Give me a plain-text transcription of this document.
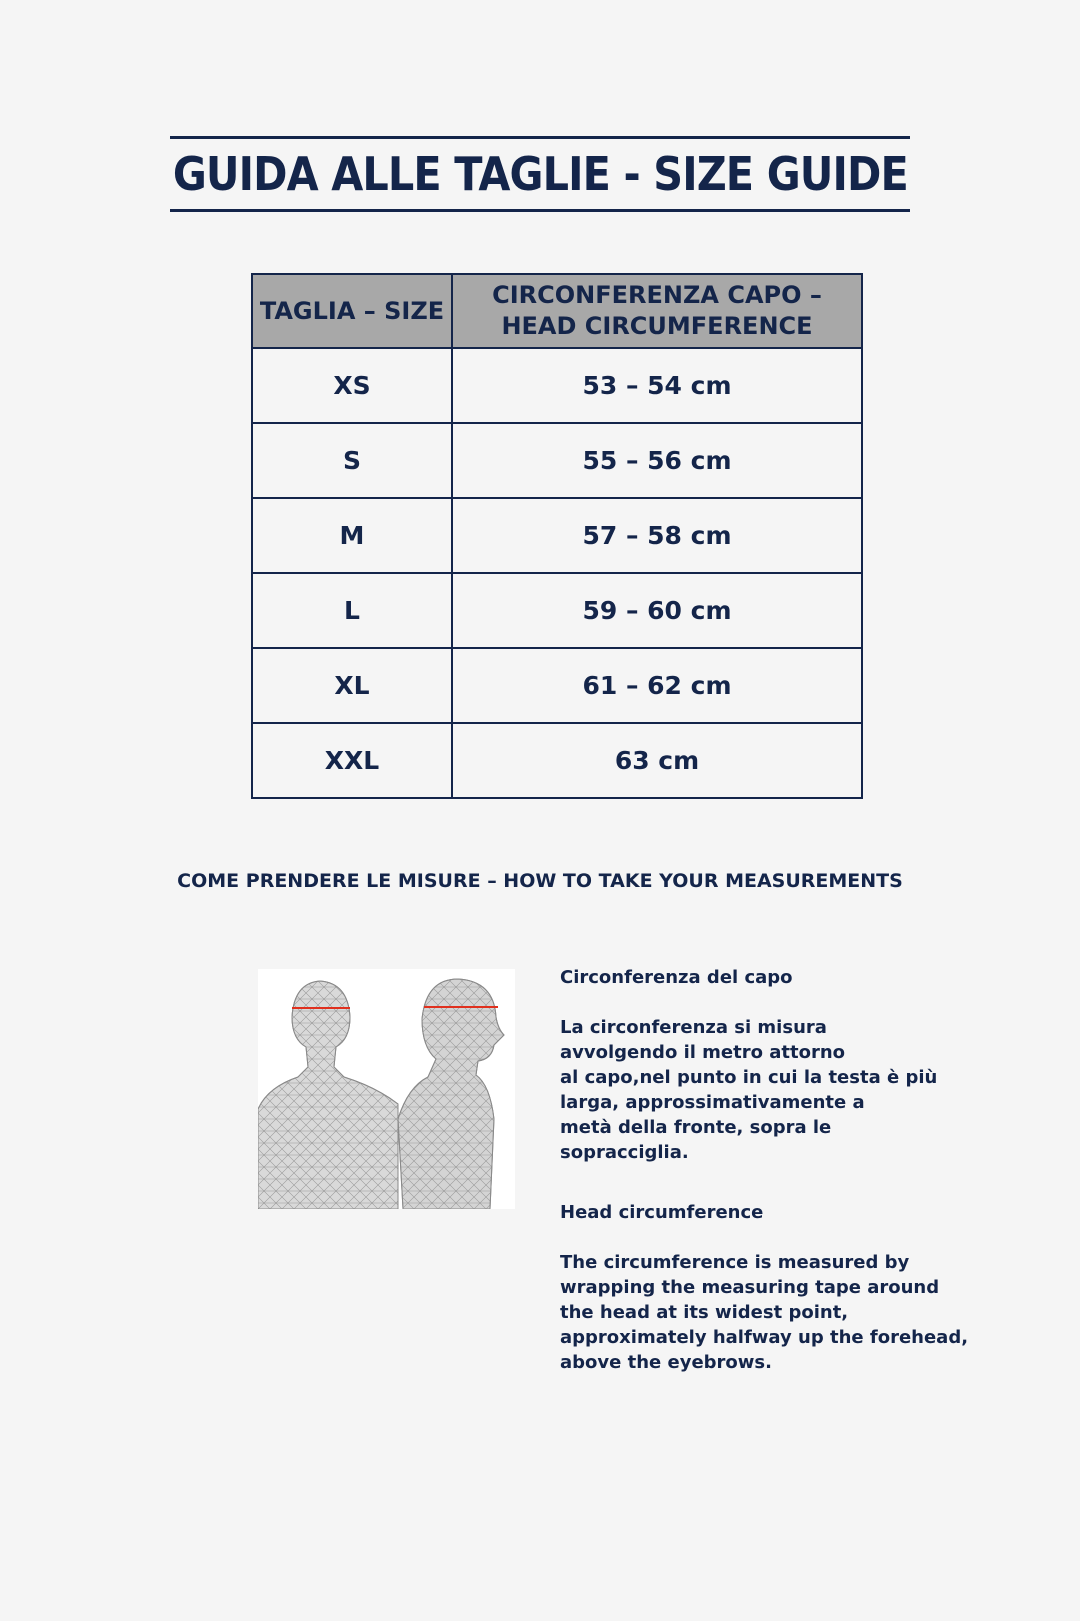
GUIDA ALLE TAGLIE - SIZE GUIDE
TAGLIA – SIZE	CIRCONFERENZA CAPO –
HEAD CIRCUMFERENCE
XS	53 – 54 cm
S	55 – 56 cm
M	57 – 58 cm
L	59 – 60 cm
XL	61 – 62 cm
XXL	63 cm
COME PRENDERE LE MISURE – HOW TO TAKE YOUR MEASUREMENTS

Circonferenza del capo

La circonferenza si misura

avvolgendo il metro attorno

al capo,nel punto in cui la testa è più

larga, approssimativamente a

metà della fronte, sopra le

sopracciglia.

Head circumference

The circumference is measured by

wrapping the measuring tape around

the head at its widest point,

approximately halfway up the forehead,

above the eyebrows.
